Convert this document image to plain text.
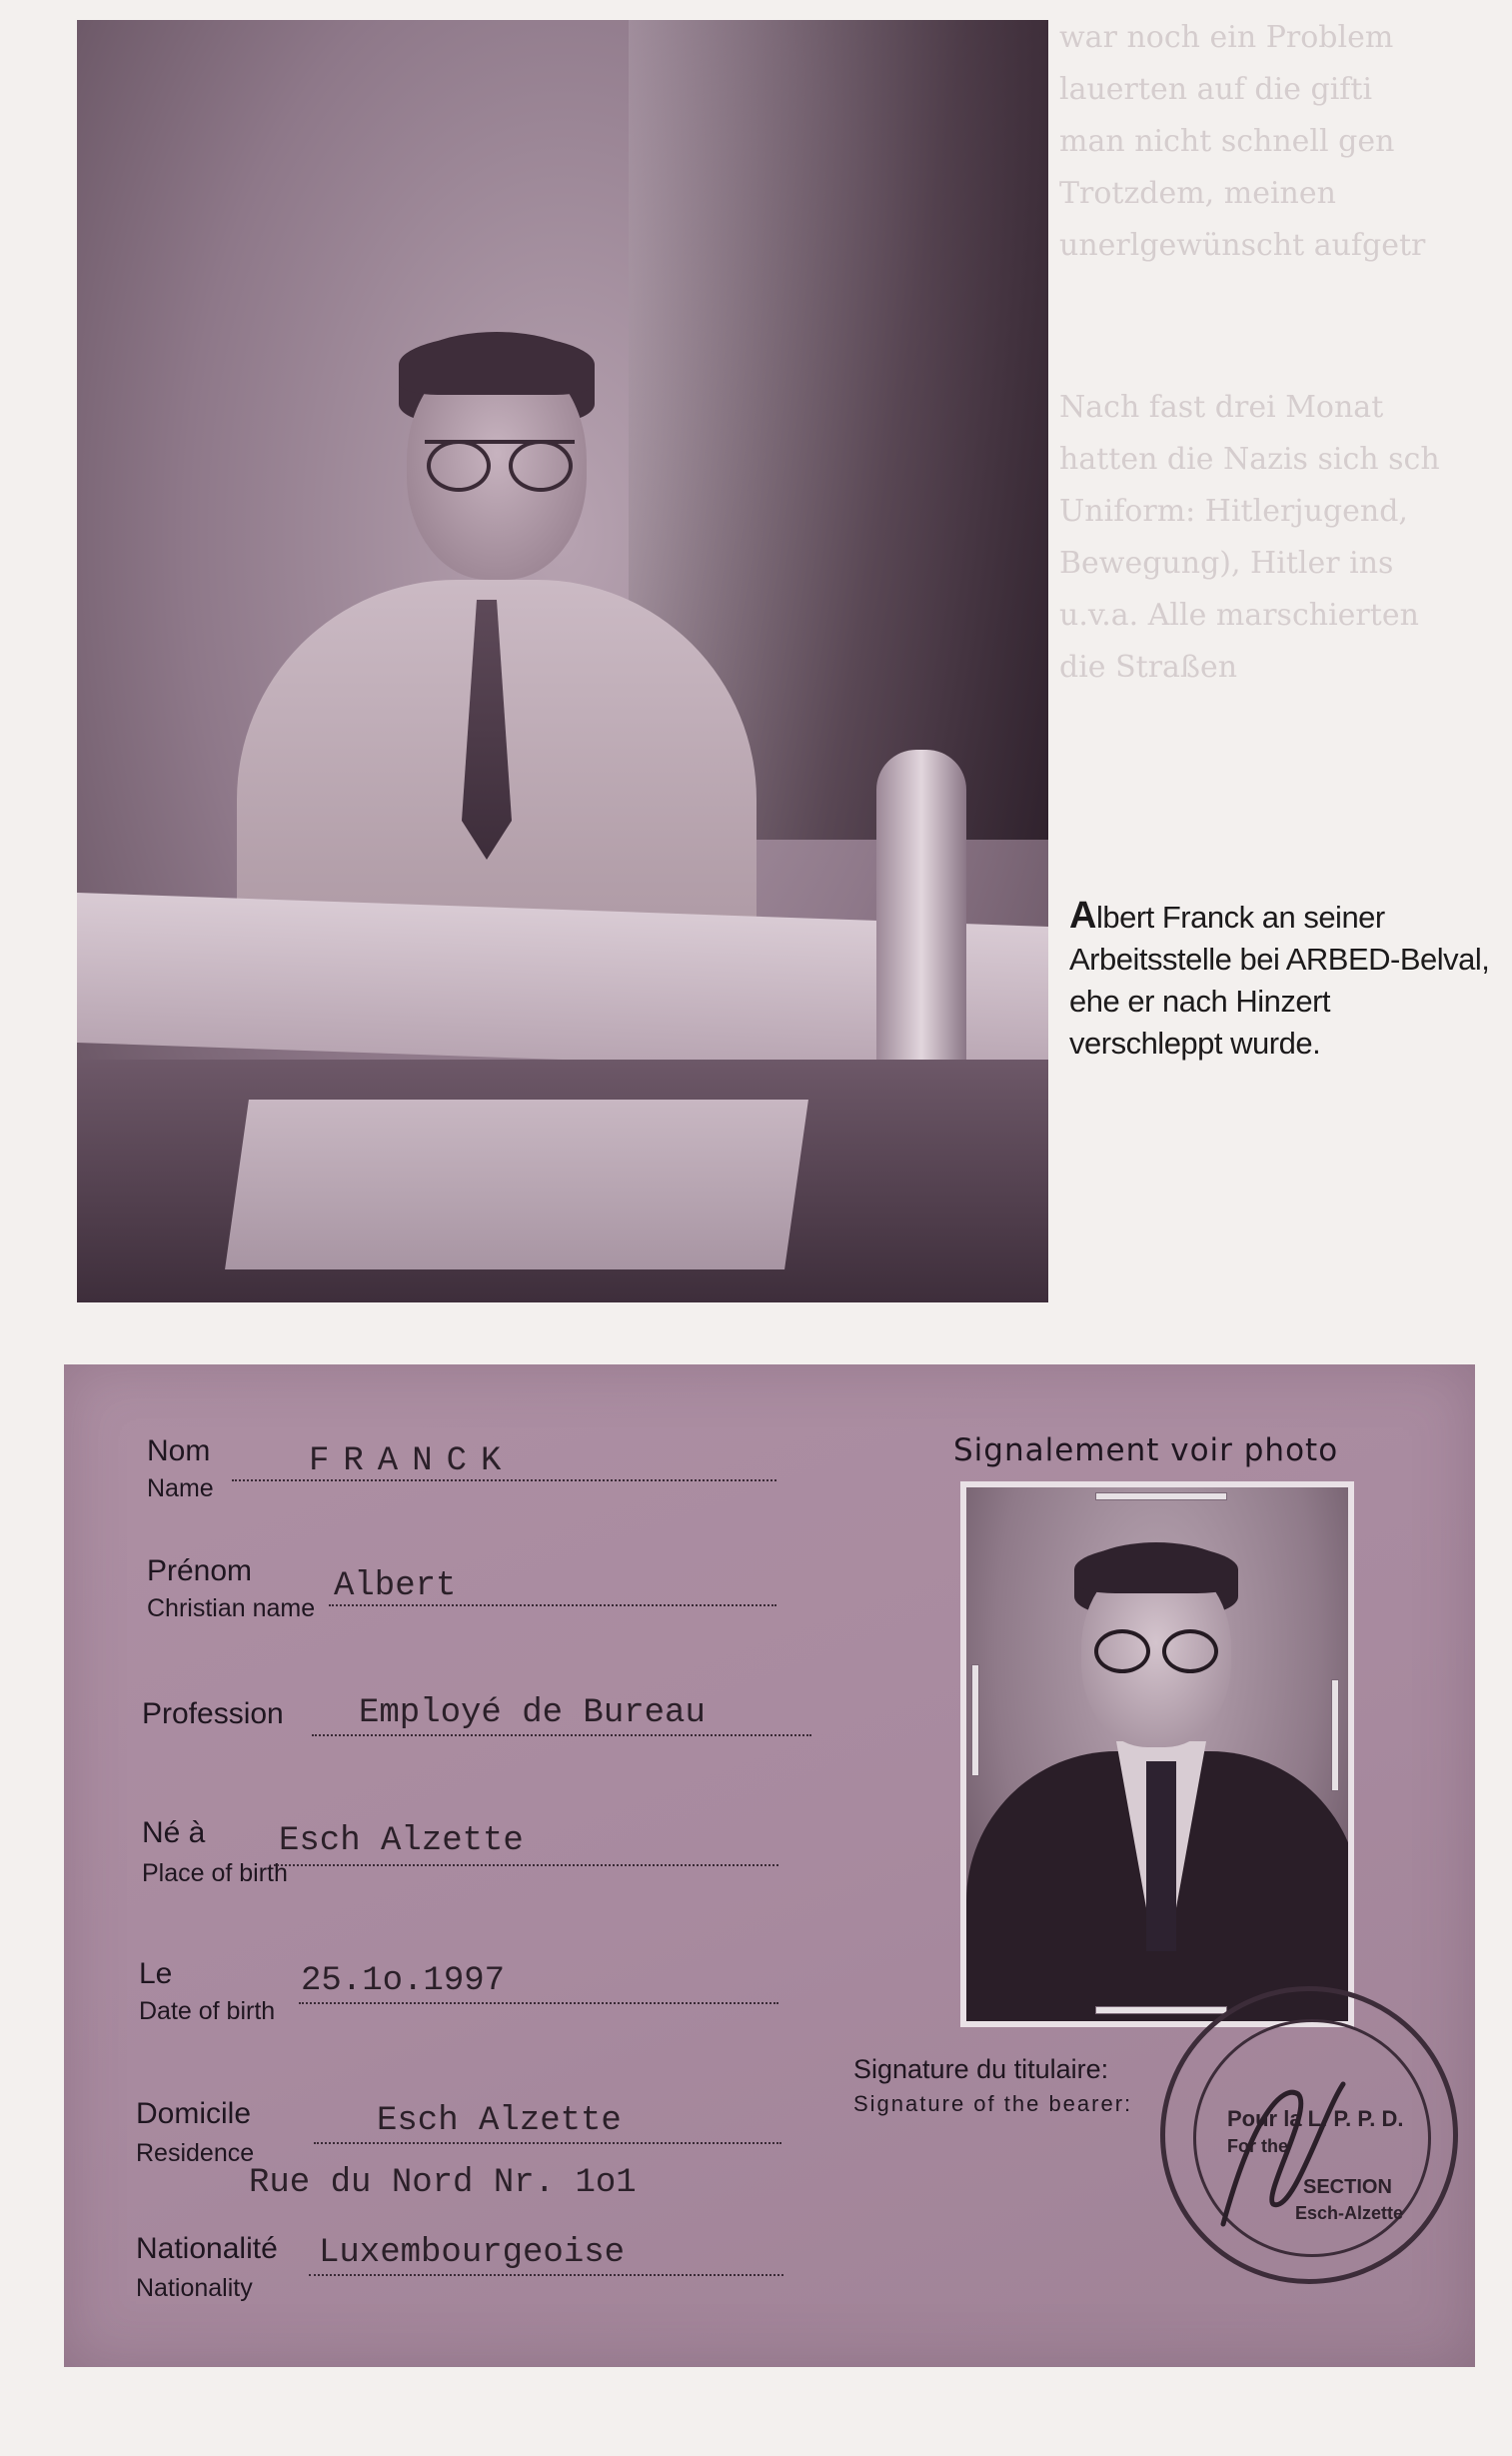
war noch ein Problem
lauerten auf die gifti
man nicht schnell gen
Trotzdem, meinen
unerlgewünscht aufgetr
Nach fast drei Monat
hatten die Nazis sich sch
Uniform: Hitlerjugend,
Bewegung), Hitler ins
u.v.a. Alle marschierten
die Straßen
Albert Franck an seiner
Arbeitsstelle bei ARBED-Belval,
ehe er nach Hinzert
verschleppt wurde.
Nom
Name
FRANCK
Prénom
Christian name
Albert
Profession Employé de Bureau
Né à
Place of birth
Esch Alzette
Le
Date of birth
25.1o.1997
Domicile
Residence
Esch Alzette
Rue du Nord Nr. 1o1
Nationalité
Nationality
Luxembourgeoise
Signalement voir photo
Signature du titulaire:
Signature of the bearer:
Pour la L. P. P. D.
For the
SECTION
Esch-Alzette
